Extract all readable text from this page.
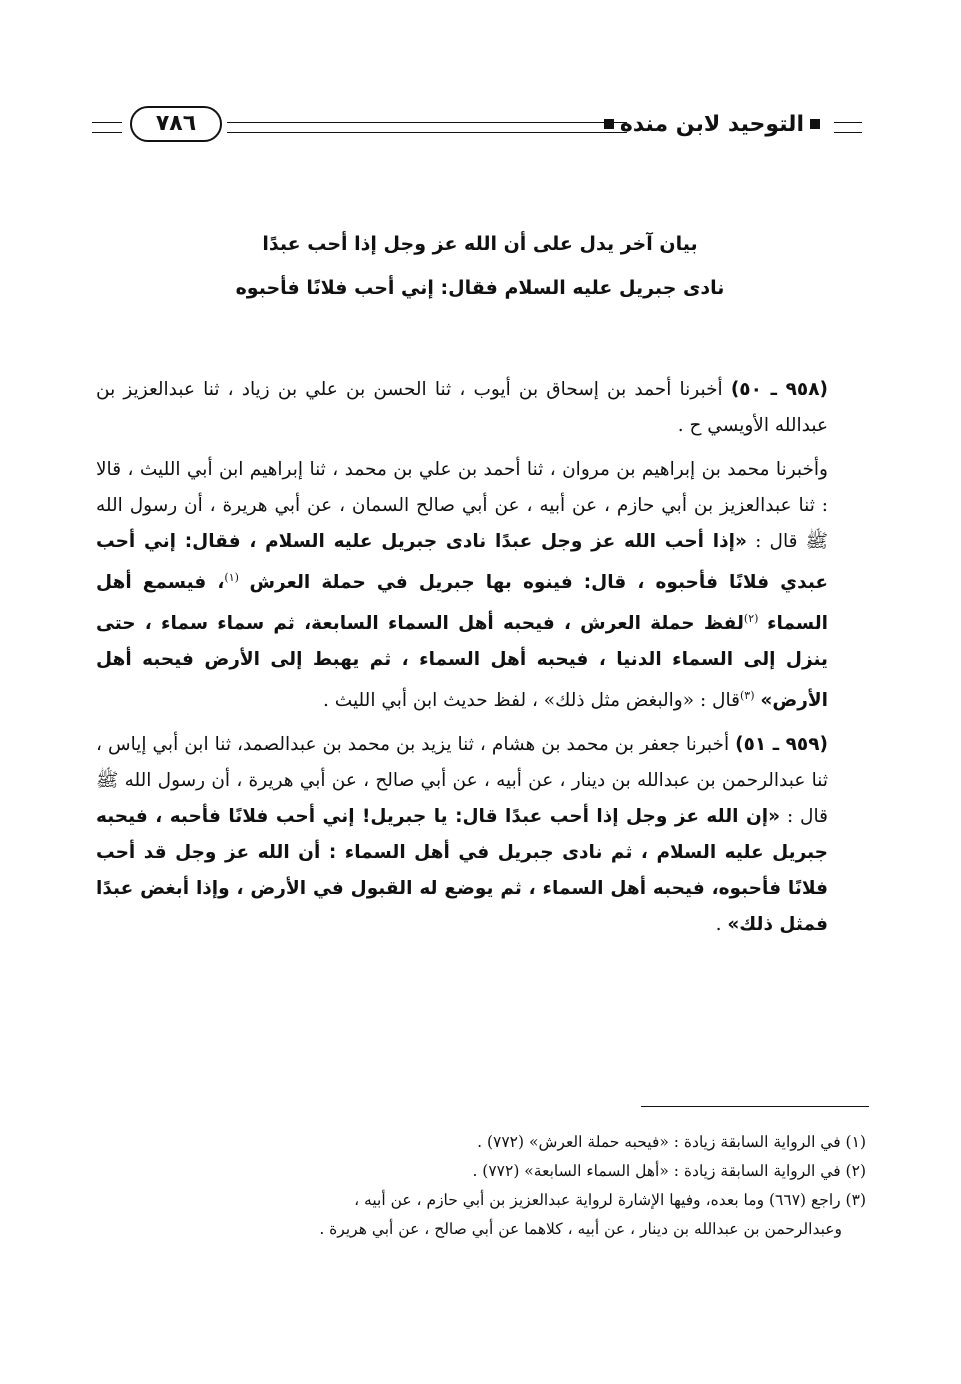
التوحيد لابن منده
٧٨٦
بيان آخر يدل على أن الله عز وجل إذا أحب عبدًا
نادى جبريل عليه السلام فقال: إني أحب فلانًا فأحبوه

(٩٥٨ ـ ٥٠) أخبرنا أحمد بن إسحاق بن أيوب ، ثنا الحسن بن علي بن زياد ، ثنا عبدالعزيز بن عبدالله الأويسي ح .

وأخبرنا محمد بن إبراهيم بن مروان ، ثنا أحمد بن علي بن محمد ، ثنا إبراهيم ابن أبي الليث ، قالا : ثنا عبدالعزيز بن أبي حازم ، عن أبيه ، عن أبي صالح السمان ، عن أبي هريرة ، أن رسول الله ﷺ قال : «إذا أحب الله عز وجل عبدًا نادى جبريل عليه السلام ، فقال: إني أحب عبدي فلانًا فأحبوه ، قال: فينوه بها جبريل في حملة العرش $^{(١)}$، فيسمع أهل السماء $^{(٢)}$لفظ حملة العرش ، فيحبه أهل السماء السابعة، ثم سماء سماء ، حتى ينزل إلى السماء الدنيا ، فيحبه أهل السماء ، ثم يهبط إلى الأرض فيحبه أهل الأرض» $^{(٣)}$قال : «والبغض مثل ذلك» ، لفظ حديث ابن أبي الليث .

(٩٥٩ ـ ٥١) أخبرنا جعفر بن محمد بن هشام ، ثنا يزيد بن محمد بن عبدالصمد، ثنا ابن أبي إياس ، ثنا عبدالرحمن بن عبدالله بن دينار ، عن أبيه ، عن أبي صالح ، عن أبي هريرة ، أن رسول الله ﷺ قال : «إن الله عز وجل إذا أحب عبدًا قال: يا جبريل! إني أحب فلانًا فأحبه ، فيحبه جبريل عليه السلام ، ثم نادى جبريل في أهل السماء : أن الله عز وجل قد أحب فلانًا فأحبوه، فيحبه أهل السماء ، ثم يوضع له القبول في الأرض ، وإذا أبغض عبدًا فمثل ذلك» .

(١) في الرواية السابقة زيادة : «فيحبه حملة العرش» (٧٧٢) .

(٢) في الرواية السابقة زيادة : «أهل السماء السابعة» (٧٧٢) .

(٣) راجع (٦٦٧) وما بعده، وفيها الإشارة لرواية عبدالعزيز بن أبي حازم ، عن أبيه ،

وعبدالرحمن بن عبدالله بن دينار ، عن أبيه ، كلاهما عن أبي صالح ، عن أبي هريرة .
